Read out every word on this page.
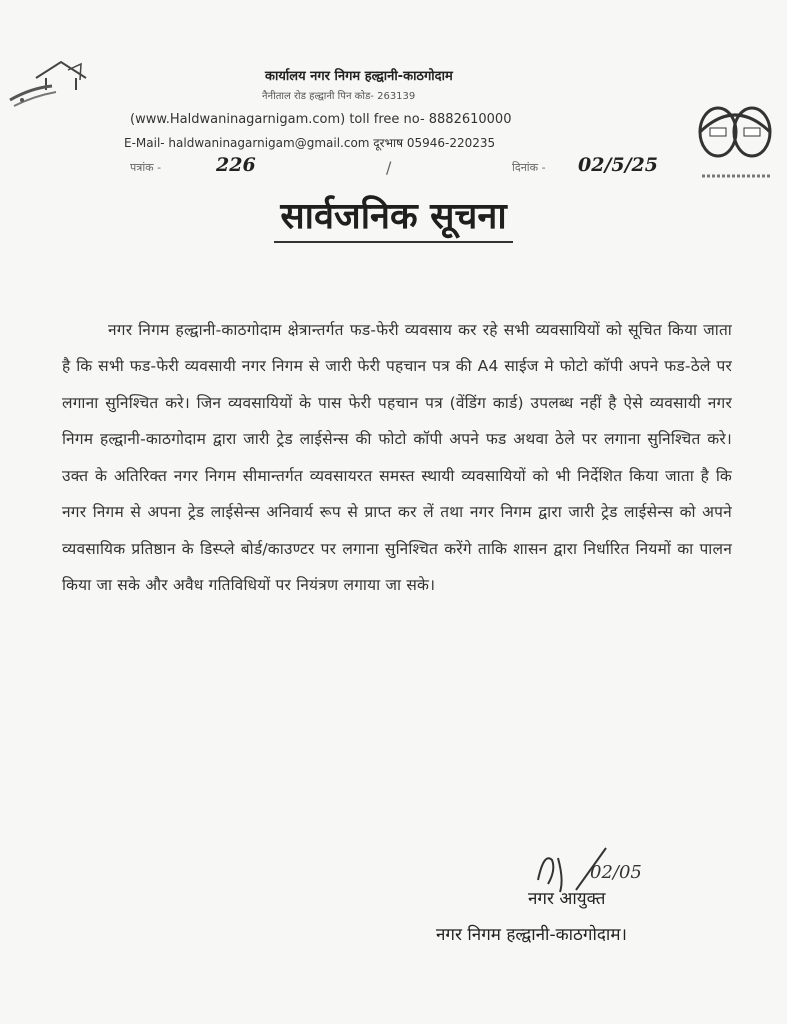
कार्यालय नगर निगम हल्द्वानी-काठगोदाम
नैनीताल रोड हल्द्वानी पिन कोड- 263139
(www.Haldwaninagarnigam.com) toll free no- 8882610000
E-Mail- haldwaninagarnigam@gmail.com दूरभाष 05946-220235
पत्रांक -	226	/	दिनांक - 02/5/25
सार्वजनिक सूचना

नगर निगम हल्द्वानी-काठगोदाम क्षेत्रान्तर्गत फड-फेरी व्यवसाय कर रहे सभी व्यवसायियों को सूचित किया जाता है कि सभी फड-फेरी व्यवसायी नगर निगम से जारी फेरी पहचान पत्र की A4 साईज मे फोटो कॉपी अपने फड-ठेले पर लगाना सुनिश्चित करे। जिन व्यवसायियों के पास फेरी पहचान पत्र (वेंडिंग कार्ड) उपलब्ध नहीं है ऐसे व्यवसायी नगर निगम हल्द्वानी-काठगोदाम द्वारा जारी ट्रेड लाईसेन्स की फोटो कॉपी अपने फड अथवा ठेले पर लगाना सुनिश्चित करे। उक्त के अतिरिक्त नगर निगम सीमान्तर्गत व्यवसायरत समस्त स्थायी व्यवसायियों को भी निर्देशित किया जाता है कि नगर निगम से अपना ट्रेड लाईसेन्स अनिवार्य रूप से प्राप्त कर लें तथा नगर निगम द्वारा जारी ट्रेड लाईसेन्स को अपने व्यवसायिक प्रतिष्ठान के डिस्प्ले बोर्ड/काउण्टर पर लगाना सुनिश्चित करेंगे ताकि शासन द्वारा निर्धारित नियमों का पालन किया जा सके और अवैध गतिविधियों पर नियंत्रण लगाया जा सके।

02/05
नगर आयुक्त
नगर निगम हल्द्वानी-काठगोदाम।
